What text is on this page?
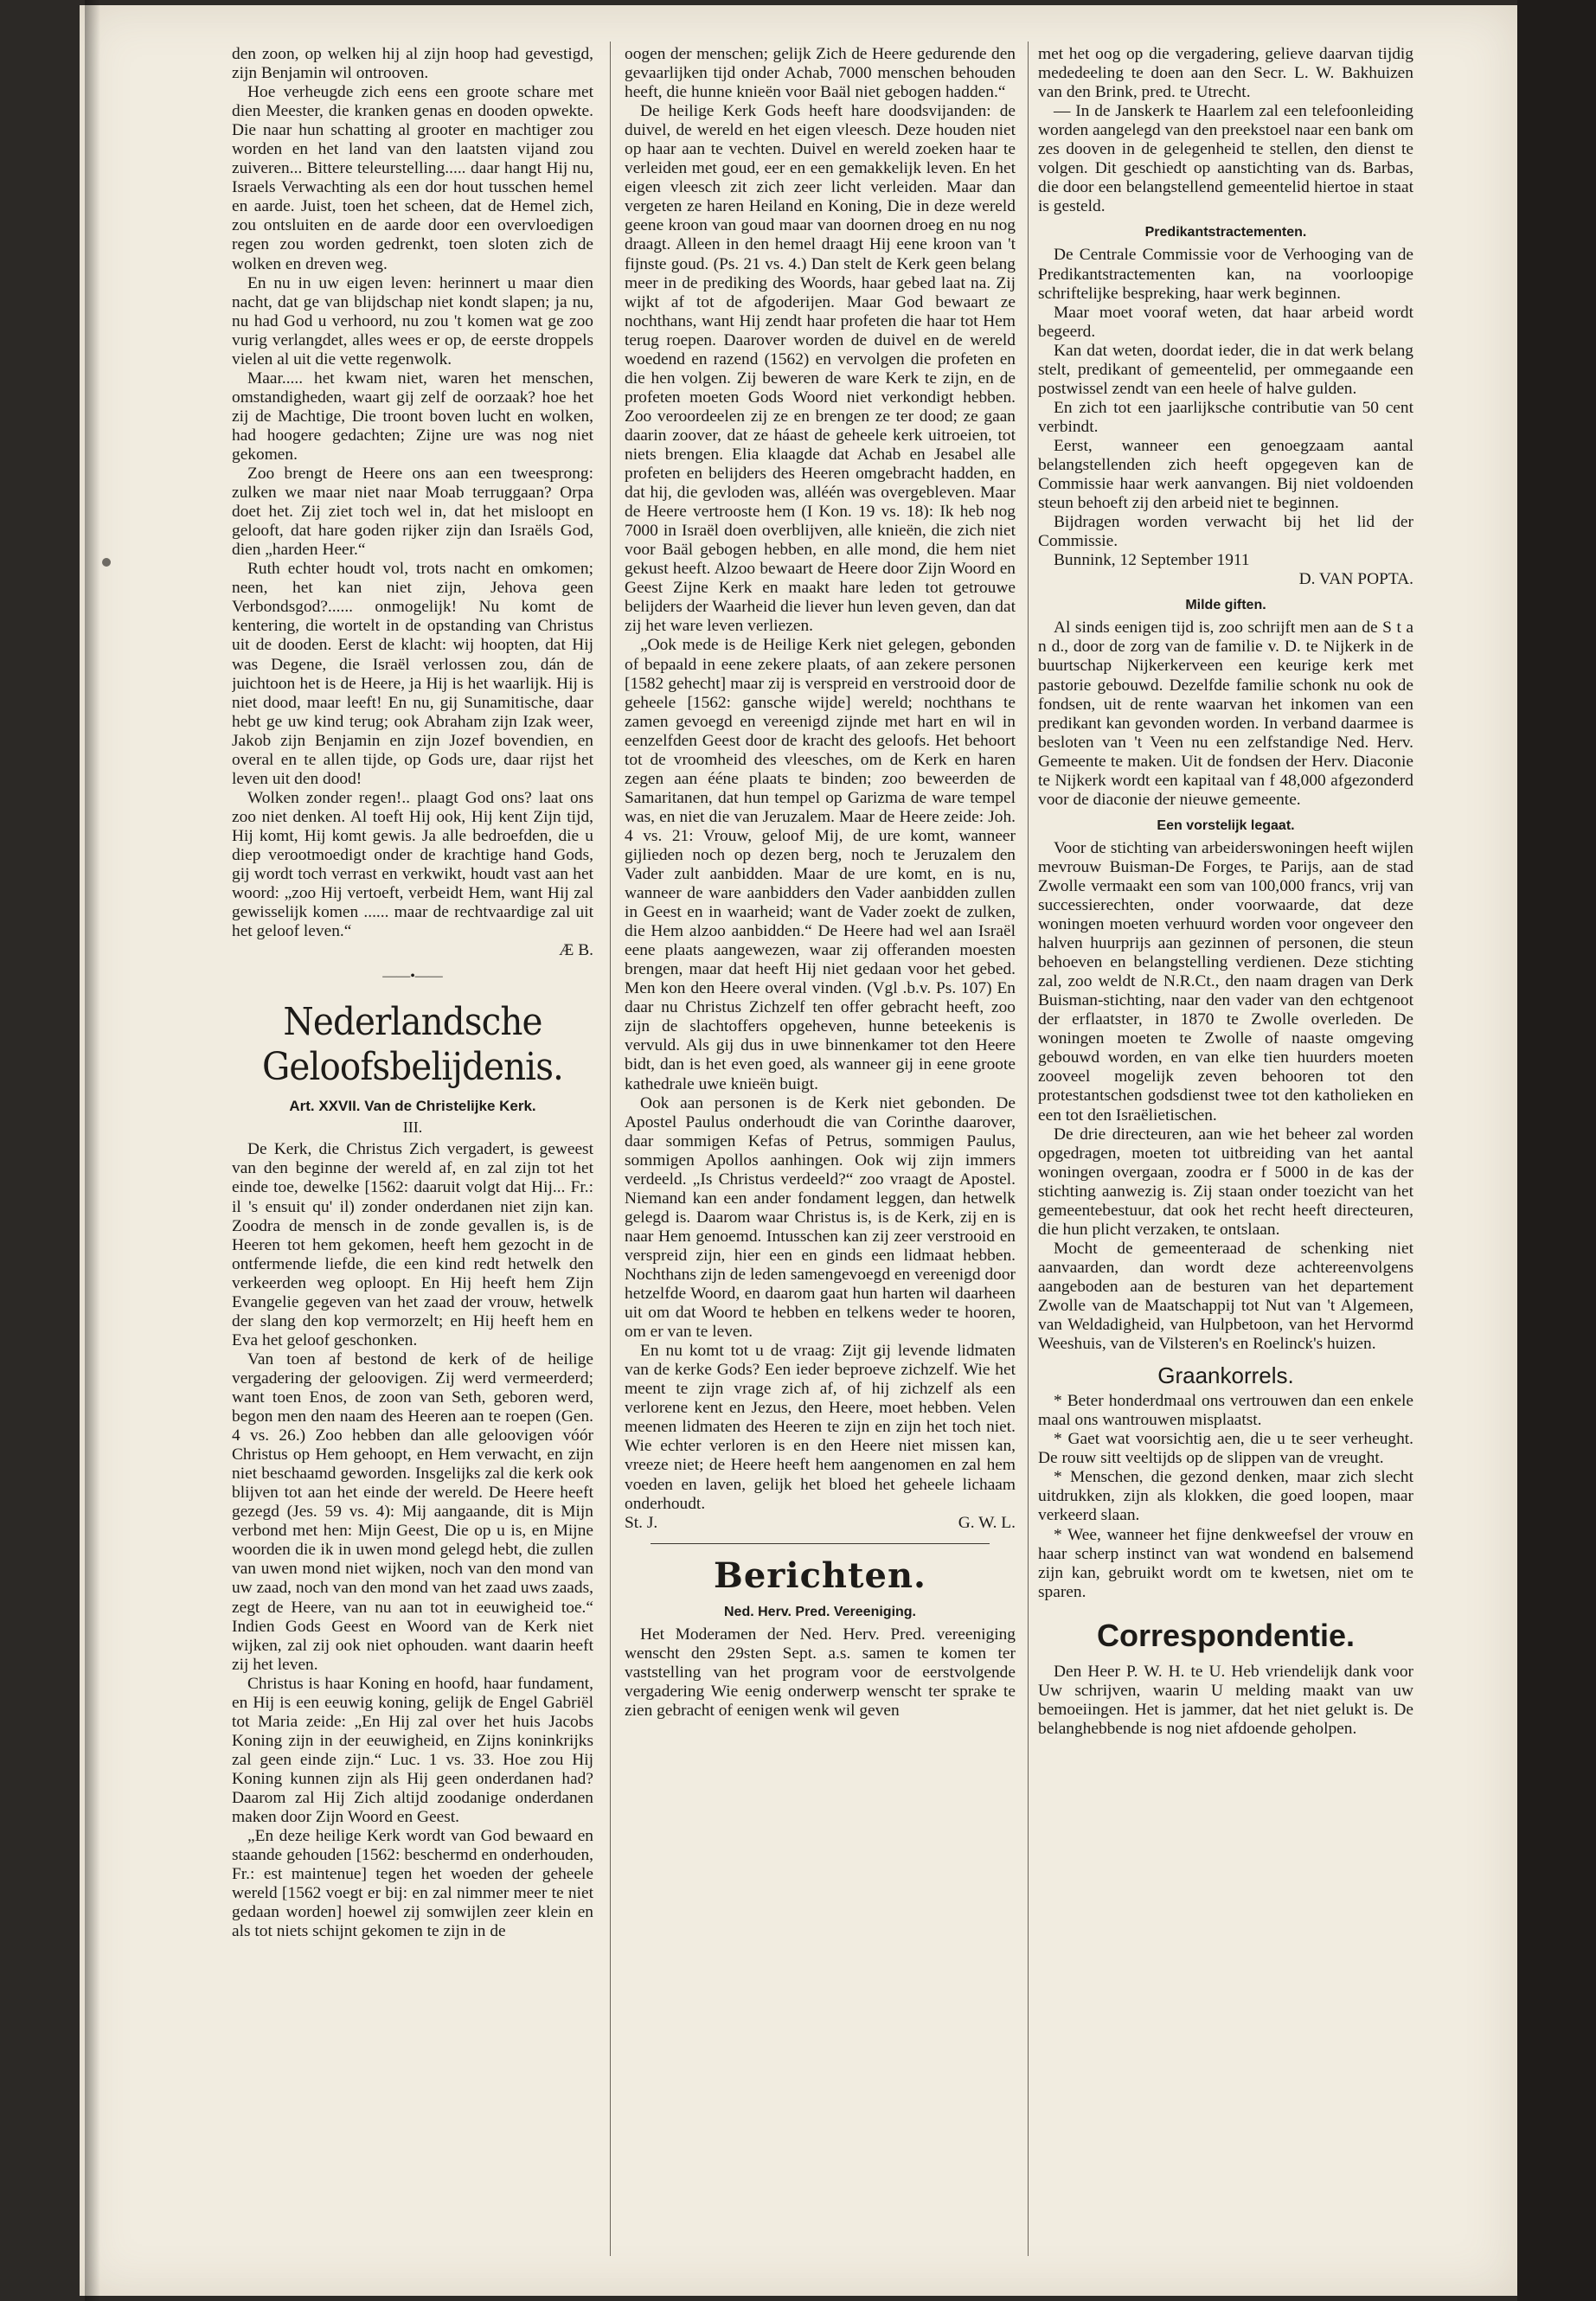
den zoon, op welken hij al zijn hoop had gevestigd, zijn Benjamin wil ontrooven.

Hoe verheugde zich eens een groote schare met dien Meester, die kranken genas en dooden opwekte. Die naar hun schatting al grooter en machtiger zou worden en het land van den laatsten vijand zou zuiveren... Bittere teleurstelling..... daar hangt Hij nu, Israels Verwachting als een dor hout tusschen hemel en aarde. Juist, toen het scheen, dat de Hemel zich, zou ontsluiten en de aarde door een overvloedigen regen zou worden gedrenkt, toen sloten zich de wolken en dreven weg.

En nu in uw eigen leven: herinnert u maar dien nacht, dat ge van blijdschap niet kondt slapen; ja nu, nu had God u verhoord, nu zou 't komen wat ge zoo vurig verlangdet, alles wees er op, de eerste droppels vielen al uit die vette regenwolk.

Maar..... het kwam niet, waren het menschen, omstandigheden, waart gij zelf de oorzaak? hoe het zij de Machtige, Die troont boven lucht en wolken, had hoogere gedachten; Zijne ure was nog niet gekomen.

Zoo brengt de Heere ons aan een tweesprong: zulken we maar niet naar Moab terruggaan? Orpa doet het. Zij ziet toch wel in, dat het misloopt en gelooft, dat hare goden rijker zijn dan Israëls God, dien „harden Heer.“

Ruth echter houdt vol, trots nacht en omkomen; neen, het kan niet zijn, Jehova geen Verbondsgod?...... onmogelijk! Nu komt de kentering, die wortelt in de opstanding van Christus uit de dooden. Eerst de klacht: wij hoopten, dat Hij was Degene, die Israël verlossen zou, dán de juichtoon het is de Heere, ja Hij is het waarlijk. Hij is niet dood, maar leeft! En nu, gij Sunamitische, daar hebt ge uw kind terug; ook Abraham zijn Izak weer, Jakob zijn Benjamin en zijn Jozef bovendien, en overal en te allen tijde, op Gods ure, daar rijst het leven uit den dood!

Wolken zonder regen!.. plaagt God ons? laat ons zoo niet denken. Al toeft Hij ook, Hij kent Zijn tijd, Hij komt, Hij komt gewis. Ja alle bedroefden, die u diep verootmoedigt onder de krachtige hand Gods, gij wordt toch verrast en verkwikt, houdt vast aan het woord: „zoo Hij vertoeft, verbeidt Hem, want Hij zal gewisselijk komen ...... maar de rechtvaardige zal uit het geloof leven.“

Æ B.

——•——
Nederlandsche Geloofsbelijdenis.
Art. XXVII. Van de Christelijke Kerk.
III.

De Kerk, die Christus Zich vergadert, is geweest van den beginne der wereld af, en zal zijn tot het einde toe, dewelke [1562: daaruit volgt dat Hij... Fr.: il 's ensuit qu' il) zonder onderdanen niet zijn kan. Zoodra de mensch in de zonde gevallen is, is de Heeren tot hem gekomen, heeft hem gezocht in de ontfermende liefde, die een kind redt hetwelk den verkeerden weg oploopt. En Hij heeft hem Zijn Evangelie gegeven van het zaad der vrouw, hetwelk der slang den kop vermorzelt; en Hij heeft hem en Eva het geloof geschonken.

Van toen af bestond de kerk of de heilige vergadering der geloovigen. Zij werd vermeerderd; want toen Enos, de zoon van Seth, geboren werd, begon men den naam des Heeren aan te roepen (Gen. 4 vs. 26.) Zoo hebben dan alle geloovigen vóór Christus op Hem gehoopt, en Hem verwacht, en zijn niet beschaamd geworden. Insgelijks zal die kerk ook blijven tot aan het einde der wereld. De Heere heeft gezegd (Jes. 59 vs. 4): Mij aangaande, dit is Mijn verbond met hen: Mijn Geest, Die op u is, en Mijne woorden die ik in uwen mond gelegd hebt, die zullen van uwen mond niet wijken, noch van den mond van uw zaad, noch van den mond van het zaad uws zaads, zegt de Heere, van nu aan tot in eeuwigheid toe.“ Indien Gods Geest en Woord van de Kerk niet wijken, zal zij ook niet ophouden. want daarin heeft zij het leven.

Christus is haar Koning en hoofd, haar fundament, en Hij is een eeuwig koning, gelijk de Engel Gabriël tot Maria zeide: „En Hij zal over het huis Jacobs Koning zijn in der eeuwigheid, en Zijns koninkrijks zal geen einde zijn.“ Luc. 1 vs. 33. Hoe zou Hij Koning kunnen zijn als Hij geen onderdanen had? Daarom zal Hij Zich altijd zoodanige onderdanen maken door Zijn Woord en Geest.

„En deze heilige Kerk wordt van God bewaard en staande gehouden [1562: beschermd en onderhouden, Fr.: est maintenue] tegen het woeden der geheele wereld [1562 voegt er bij: en zal nimmer meer te niet gedaan worden] hoewel zij somwijlen zeer klein en als tot niets schijnt gekomen te zijn in de

oogen der menschen; gelijk Zich de Heere gedurende den gevaarlijken tijd onder Achab, 7000 menschen behouden heeft, die hunne knieën voor Baäl niet gebogen hadden.“

De heilige Kerk Gods heeft hare doodsvijanden: de duivel, de wereld en het eigen vleesch. Deze houden niet op haar aan te vechten. Duivel en wereld zoeken haar te verleiden met goud, eer en een gemakkelijk leven. En het eigen vleesch zit zich zeer licht verleiden. Maar dan vergeten ze haren Heiland en Koning, Die in deze wereld geene kroon van goud maar van doornen droeg en nu nog draagt. Alleen in den hemel draagt Hij eene kroon van 't fijnste goud. (Ps. 21 vs. 4.) Dan stelt de Kerk geen belang meer in de prediking des Woords, haar gebed laat na. Zij wijkt af tot de afgoderijen. Maar God bewaart ze nochthans, want Hij zendt haar profeten die haar tot Hem terug roepen. Daarover worden de duivel en de wereld woedend en razend (1562) en vervolgen die profeten en die hen volgen. Zij beweren de ware Kerk te zijn, en de profeten moeten Gods Woord niet verkondigt hebben. Zoo veroordeelen zij ze en brengen ze ter dood; ze gaan daarin zoover, dat ze háast de geheele kerk uitroeien, tot niets brengen. Elia klaagde dat Achab en Jesabel alle profeten en belijders des Heeren omgebracht hadden, en dat hij, die gevloden was, alléén was overgebleven. Maar de Heere vertrooste hem (I Kon. 19 vs. 18): Ik heb nog 7000 in Israël doen overblijven, alle knieën, die zich niet voor Baäl gebogen hebben, en alle mond, die hem niet gekust heeft. Alzoo bewaart de Heere door Zijn Woord en Geest Zijne Kerk en maakt hare leden tot getrouwe belijders der Waarheid die liever hun leven geven, dan dat zij het ware leven verliezen.

„Ook mede is de Heilige Kerk niet gelegen, gebonden of bepaald in eene zekere plaats, of aan zekere personen [1582 gehecht] maar zij is verspreid en verstrooid door de geheele [1562: gansche wijde] wereld; nochthans te zamen gevoegd en vereenigd zijnde met hart en wil in eenzelfden Geest door de kracht des geloofs. Het behoort tot de vroomheid des vleesches, om de Kerk en haren zegen aan ééne plaats te binden; zoo beweerden de Samaritanen, dat hun tempel op Garizma de ware tempel was, en niet die van Jeruzalem. Maar de Heere zeide: Joh. 4 vs. 21: Vrouw, geloof Mij, de ure komt, wanneer gijlieden noch op dezen berg, noch te Jeruzalem den Vader zult aanbidden. Maar de ure komt, en is nu, wanneer de ware aanbidders den Vader aanbidden zullen in Geest en in waarheid; want de Vader zoekt de zulken, die Hem alzoo aanbidden.“ De Heere had wel aan Israël eene plaats aangewezen, waar zij offeranden moesten brengen, maar dat heeft Hij niet gedaan voor het gebed. Men kon den Heere overal vinden. (Vgl .b.v. Ps. 107) En daar nu Christus Zichzelf ten offer gebracht heeft, zoo zijn de slachtoffers opgeheven, hunne beteekenis is vervuld. Als gij dus in uwe binnenkamer tot den Heere bidt, dan is het even goed, als wanneer gij in eene groote kathedrale uwe knieën buigt.

Ook aan personen is de Kerk niet gebonden. De Apostel Paulus onderhoudt die van Corinthe daarover, daar sommigen Kefas of Petrus, sommigen Paulus, sommigen Apollos aanhingen. Ook wij zijn immers verdeeld. „Is Christus verdeeld?“ zoo vraagt de Apostel. Niemand kan een ander fondament leggen, dan hetwelk gelegd is. Daarom waar Christus is, is de Kerk, zij en is naar Hem genoemd. Intusschen kan zij zeer verstrooid en verspreid zijn, hier een en ginds een lidmaat hebben. Nochthans zijn de leden samengevoegd en vereenigd door hetzelfde Woord, en daarom gaat hun harten wil daarheen uit om dat Woord te hebben en telkens weder te hooren, om er van te leven.

En nu komt tot u de vraag: Zijt gij levende lidmaten van de kerke Gods? Een ieder beproeve zichzelf. Wie het meent te zijn vrage zich af, of hij zichzelf als een verlorene kent en Jezus, den Heere, moet hebben. Velen meenen lidmaten des Heeren te zijn en zijn het toch niet. Wie echter verloren is en den Heere niet missen kan, vreeze niet; de Heere heeft hem aangenomen en zal hem voeden en laven, gelijk het bloed het geheele lichaam onderhoudt.

St. J.	G. W. L.
Berichten.
Ned. Herv. Pred. Vereeniging.

Het Moderamen der Ned. Herv. Pred. vereeniging wenscht den 29sten Sept. a.s. samen te komen ter vaststelling van het program voor de eerstvolgende vergadering Wie eenig onderwerp wenscht ter sprake te zien gebracht of eenigen wenk wil geven

met het oog op die vergadering, gelieve daarvan tijdig mededeeling te doen aan den Secr. L. W. Bakhuizen van den Brink, pred. te Utrecht.

— In de Janskerk te Haarlem zal een telefoonleiding worden aangelegd van den preekstoel naar een bank om zes dooven in de gelegenheid te stellen, den dienst te volgen. Dit geschiedt op aanstichting van ds. Barbas, die door een belangstellend gemeentelid hiertoe in staat is gesteld.

Predikantstractementen.

De Centrale Commissie voor de Verhooging van de Predikantstractementen kan, na voorloopige schriftelijke bespreking, haar werk beginnen.

Maar moet vooraf weten, dat haar arbeid wordt begeerd.

Kan dat weten, doordat ieder, die in dat werk belang stelt, predikant of gemeentelid, per ommegaande een postwissel zendt van een heele of halve gulden.

En zich tot een jaarlijksche contributie van 50 cent verbindt.

Eerst, wanneer een genoegzaam aantal belangstellenden zich heeft opgegeven kan de Commissie haar werk aanvangen. Bij niet voldoenden steun behoeft zij den arbeid niet te beginnen.

Bijdragen worden verwacht bij het lid der Commissie.

Bunnink, 12 September 1911

D. VAN POPTA.

Milde giften.

Al sinds eenigen tijd is, zoo schrijft men aan de S t a n d., door de zorg van de familie v. D. te Nijkerk in de buurtschap Nijkerkerveen een keurige kerk met pastorie gebouwd. Dezelfde familie schonk nu ook de fondsen, uit de rente waarvan het inkomen van een predikant kan gevonden worden. In verband daarmee is besloten van 't Veen nu een zelfstandige Ned. Herv. Gemeente te maken. Uit de fondsen der Herv. Diaconie te Nijkerk wordt een kapitaal van f 48,000 afgezonderd voor de diaconie der nieuwe gemeente.

Een vorstelijk legaat.

Voor de stichting van arbeiderswoningen heeft wijlen mevrouw Buisman-De Forges, te Parijs, aan de stad Zwolle vermaakt een som van 100,000 francs, vrij van successierechten, onder voorwaarde, dat deze woningen moeten verhuurd worden voor ongeveer den halven huurprijs aan gezinnen of personen, die steun behoeven en belangstelling verdienen. Deze stichting zal, zoo weldt de N.R.Ct., den naam dragen van Derk Buisman-stichting, naar den vader van den echtgenoot der erflaatster, in 1870 te Zwolle overleden. De woningen moeten te Zwolle of naaste omgeving gebouwd worden, en van elke tien huurders moeten zooveel mogelijk zeven behooren tot den protestantschen godsdienst twee tot den katholieken en een tot den Israëlietischen.

De drie directeuren, aan wie het beheer zal worden opgedragen, moeten tot uitbreiding van het aantal woningen overgaan, zoodra er f 5000 in de kas der stichting aanwezig is. Zij staan onder toezicht van het gemeentebestuur, dat ook het recht heeft directeuren, die hun plicht verzaken, te ontslaan.

Mocht de gemeenteraad de schenking niet aanvaarden, dan wordt deze achtereenvolgens aangeboden aan de besturen van het departement Zwolle van de Maatschappij tot Nut van 't Algemeen, van Weldadigheid, van Hulpbetoon, van het Hervormd Weeshuis, van de Vilsteren's en Roelinck's huizen.

Graankorrels.

* Beter honderdmaal ons vertrouwen dan een enkele maal ons wantrouwen misplaatst.

* Gaet wat voorsichtig aen, die u te seer verheught. De rouw sitt veeltijds op de slippen van de vreught.

* Menschen, die gezond denken, maar zich slecht uitdrukken, zijn als klokken, die goed loopen, maar verkeerd slaan.

* Wee, wanneer het fijne denkweefsel der vrouw en haar scherp instinct van wat wondend en balsemend zijn kan, gebruikt wordt om te kwetsen, niet om te sparen.

Correspondentie.

Den Heer P. W. H. te U. Heb vriendelijk dank voor Uw schrijven, waarin U melding maakt van uw bemoeiingen. Het is jammer, dat het niet gelukt is. De belanghebbende is nog niet afdoende geholpen.
